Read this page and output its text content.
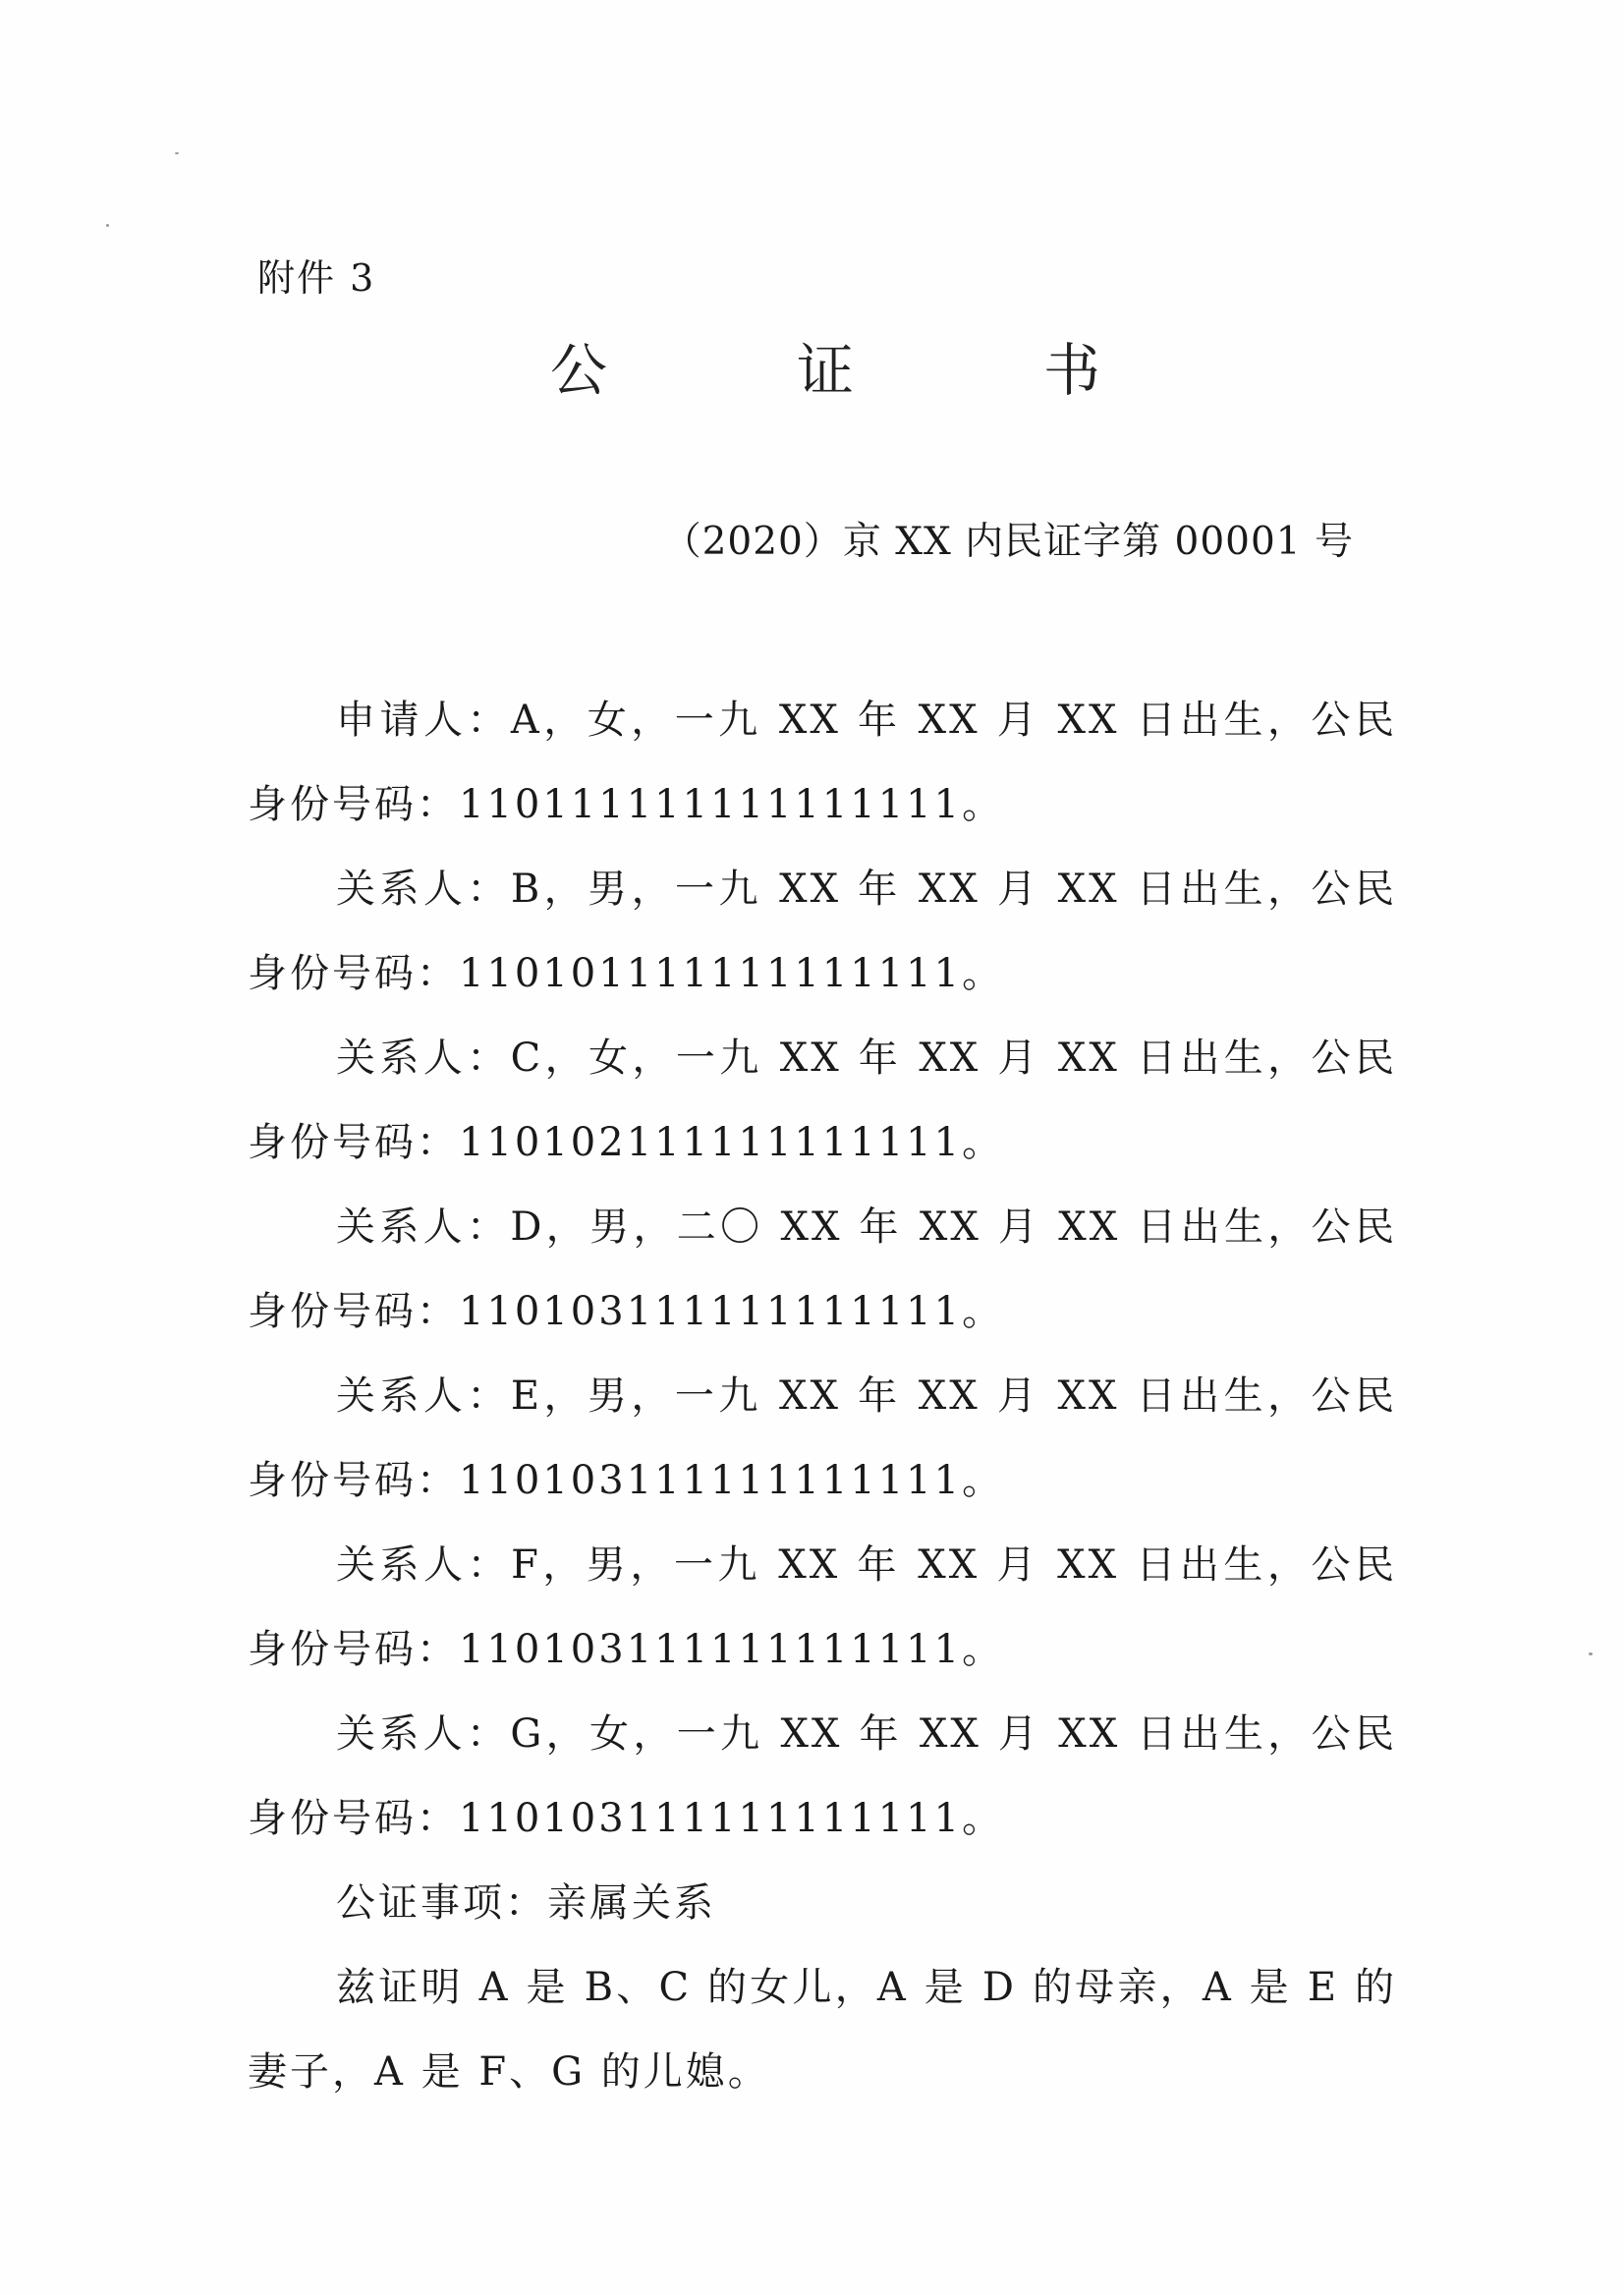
附件 3
公	证	书
（2020）京 XX 内民证字第 00001 号

申请人：A，女，一九 XX 年 XX 月 XX 日出生，公民身份号码：110111111111111111。

关系人：B，男，一九 XX 年 XX 月 XX 日出生，公民身份号码：110101111111111111。

关系人：C，女，一九 XX 年 XX 月 XX 日出生，公民身份号码：110102111111111111。

关系人：D，男，二〇 XX 年 XX 月 XX 日出生，公民身份号码：110103111111111111。

关系人：E，男，一九 XX 年 XX 月 XX 日出生，公民身份号码：110103111111111111。

关系人：F，男，一九 XX 年 XX 月 XX 日出生，公民身份号码：110103111111111111。

关系人：G，女，一九 XX 年 XX 月 XX 日出生，公民身份号码：110103111111111111。

公证事项：亲属关系

兹证明 A 是 B、C 的女儿，A 是 D 的母亲，A 是 E 的妻子，A 是 F、G 的儿媳。
